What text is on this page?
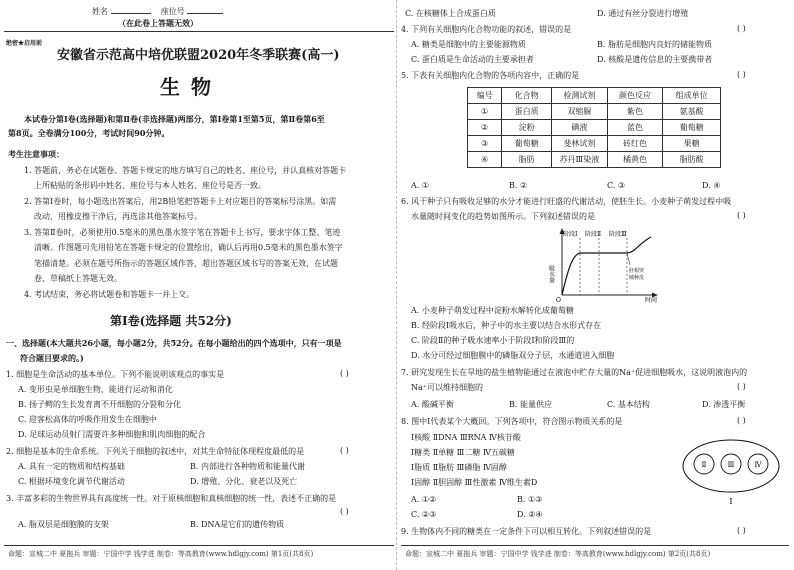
姓名	座位号
（在此卷上答题无效）
绝密★启用前
安徽省示范高中培优联盟2020年冬季联赛(高一)
生 物
本试卷分第Ⅰ卷(选择题)和第Ⅱ卷(非选择题)两部分，第Ⅰ卷第1至第5页，第Ⅱ卷第6至
第8页。全卷满分100分，考试时间90分钟。
考生注意事项：
1. 答题前，务必在试题卷、答题卡规定的地方填写自己的姓名、座位号，并认真核对答题卡
上所粘贴的条形码中姓名、座位号与本人姓名、座位号是否一致。
2. 答第Ⅰ卷时，每小题选出答案后，用2B铅笔把答题卡上对应题目的答案标号涂黑。如需
改动，用橡皮擦干净后，再选涂其他答案标号。
3. 答第Ⅱ卷时，必须使用0.5毫米的黑色墨水签字笔在答题卡上书写，要求字体工整、笔迹
清晰。作图题可先用铅笔在答题卡规定的位置绘出，确认后再用0.5毫米的黑色墨水签字
笔描清楚。必须在题号所指示的答题区域作答，超出答题区域书写的答案无效，在试题
卷、草稿纸上答题无效。
4. 考试结束，务必将试题卷和答题卡一并上交。
第Ⅰ卷(选择题 共52分)
一、选择题(本大题共26小题，每小题2分，共52分。在每小题给出的四个选项中，只有一项是
符合题目要求的。)
1. 细胞是生命活动的基本单位。下列不能说明该观点的事实是	( )
A. 变形虫是单细胞生物，能进行运动和消化
B. 扬子鳄的生长发育离不开细胞的分裂和分化
C. 迎客松高体的呼吸作用发生在细胞中
D. 足球运动员射门需要许多种细胞和肌肉细胞的配合
2. 细胞是基本的生命系统。下列关于细胞的叙述中，对其生命特征体现程度最低的是	( )
A. 具有一定的物质和结构基础	B. 内部进行各种物质和能量代谢
C. 根据环境变化调节代谢活动	D. 增殖、分化、衰老以及死亡
3. 丰富多彩的生物世界具有高度统一性。对于原核细胞和真核细胞的统一性，表述不正确的是
( )
A. 脂双层是细胞膜的支架	B. DNA是它们的遗传物质
命题：宣城二中 夏拖兵 审题：宁国中学 钱学进 制卷：等高教育(www.hdlgjy.com) 第1页(共8页)
C. 在核糖体上合成蛋白质	D. 通过有丝分裂进行增殖
4. 下列有关细胞内化合物功能的叙述，错误的是	( )
A. 糖类是细胞中的主要能源物质	B. 脂肪是细胞内良好的储能物质
C. 蛋白质是生命活动的主要承担者	D. 核酸是遗传信息的主要携带者
5. 下表有关细胞内化合物的各项内容中，正确的是	( )
编号	化合物	检测试剂	颜色反应	组成单位
①	蛋白质	双缩脲	紫色	氨基酸
②	淀粉	碘液	蓝色	葡萄糖
③	葡萄糖	斐林试剂	砖红色	果糖
④	脂肪	苏丹Ⅲ染液	橘黄色	脂肪酸
A. ①	B. ②	C. ③	D. ④
6. 风干种子只有吸收足够的水分才能进行旺盛的代谢活动，使胚生长。小麦种子萌发过程中吸
水量随时间变化的趋势如图所示。下列叙述错误的是	( )
阶段Ⅰ 阶段Ⅱ 阶段Ⅲ
吸水量
时间
O
胚根突
破种皮
A. 小麦种子萌发过程中淀粉水解转化成葡萄糖
B. 经阶段Ⅰ吸水后，种子中的水主要以结合水形式存在
C. 阶段Ⅱ的种子吸水速率小于阶段Ⅰ和阶段Ⅲ的
D. 水分可经过细胞膜中的磷脂双分子层，水通道进入细胞
7. 研究发现生长在旱地的盐生植物能通过在液泡中贮存大量的Na⁺促进细胞吸水，这说明液泡内的
Na⁺可以维持细胞的	( )
A. 酸碱平衡	B. 能量供应	C. 基本结构	D. 渗透平衡
8. 图中Ⅰ代表某个大概回。下列各项中，符合图示物质关系的是	( )
Ⅰ核酸 ⅡDNA ⅢRNA Ⅳ核苷酸
Ⅰ糖类 Ⅱ单糖 Ⅲ二糖 Ⅳ五碳糖
Ⅰ脂质 Ⅱ脂肪 Ⅲ磷脂 Ⅳ固醇
Ⅰ固醇 Ⅱ胆固醇 Ⅲ性激素 Ⅳ维生素D
A. ①②	B. ①③
C. ②③	D. ②④
Ⅱ	Ⅲ	Ⅳ
Ⅰ
9. 生物体内不同的糖类在一定条件下可以相互转化。下列叙述错误的是	( )
命题：宣城二中 夏拖兵 审题：宁国中学 钱学进 制卷：等高教育(www.hdlgjy.com) 第2页(共8页)
